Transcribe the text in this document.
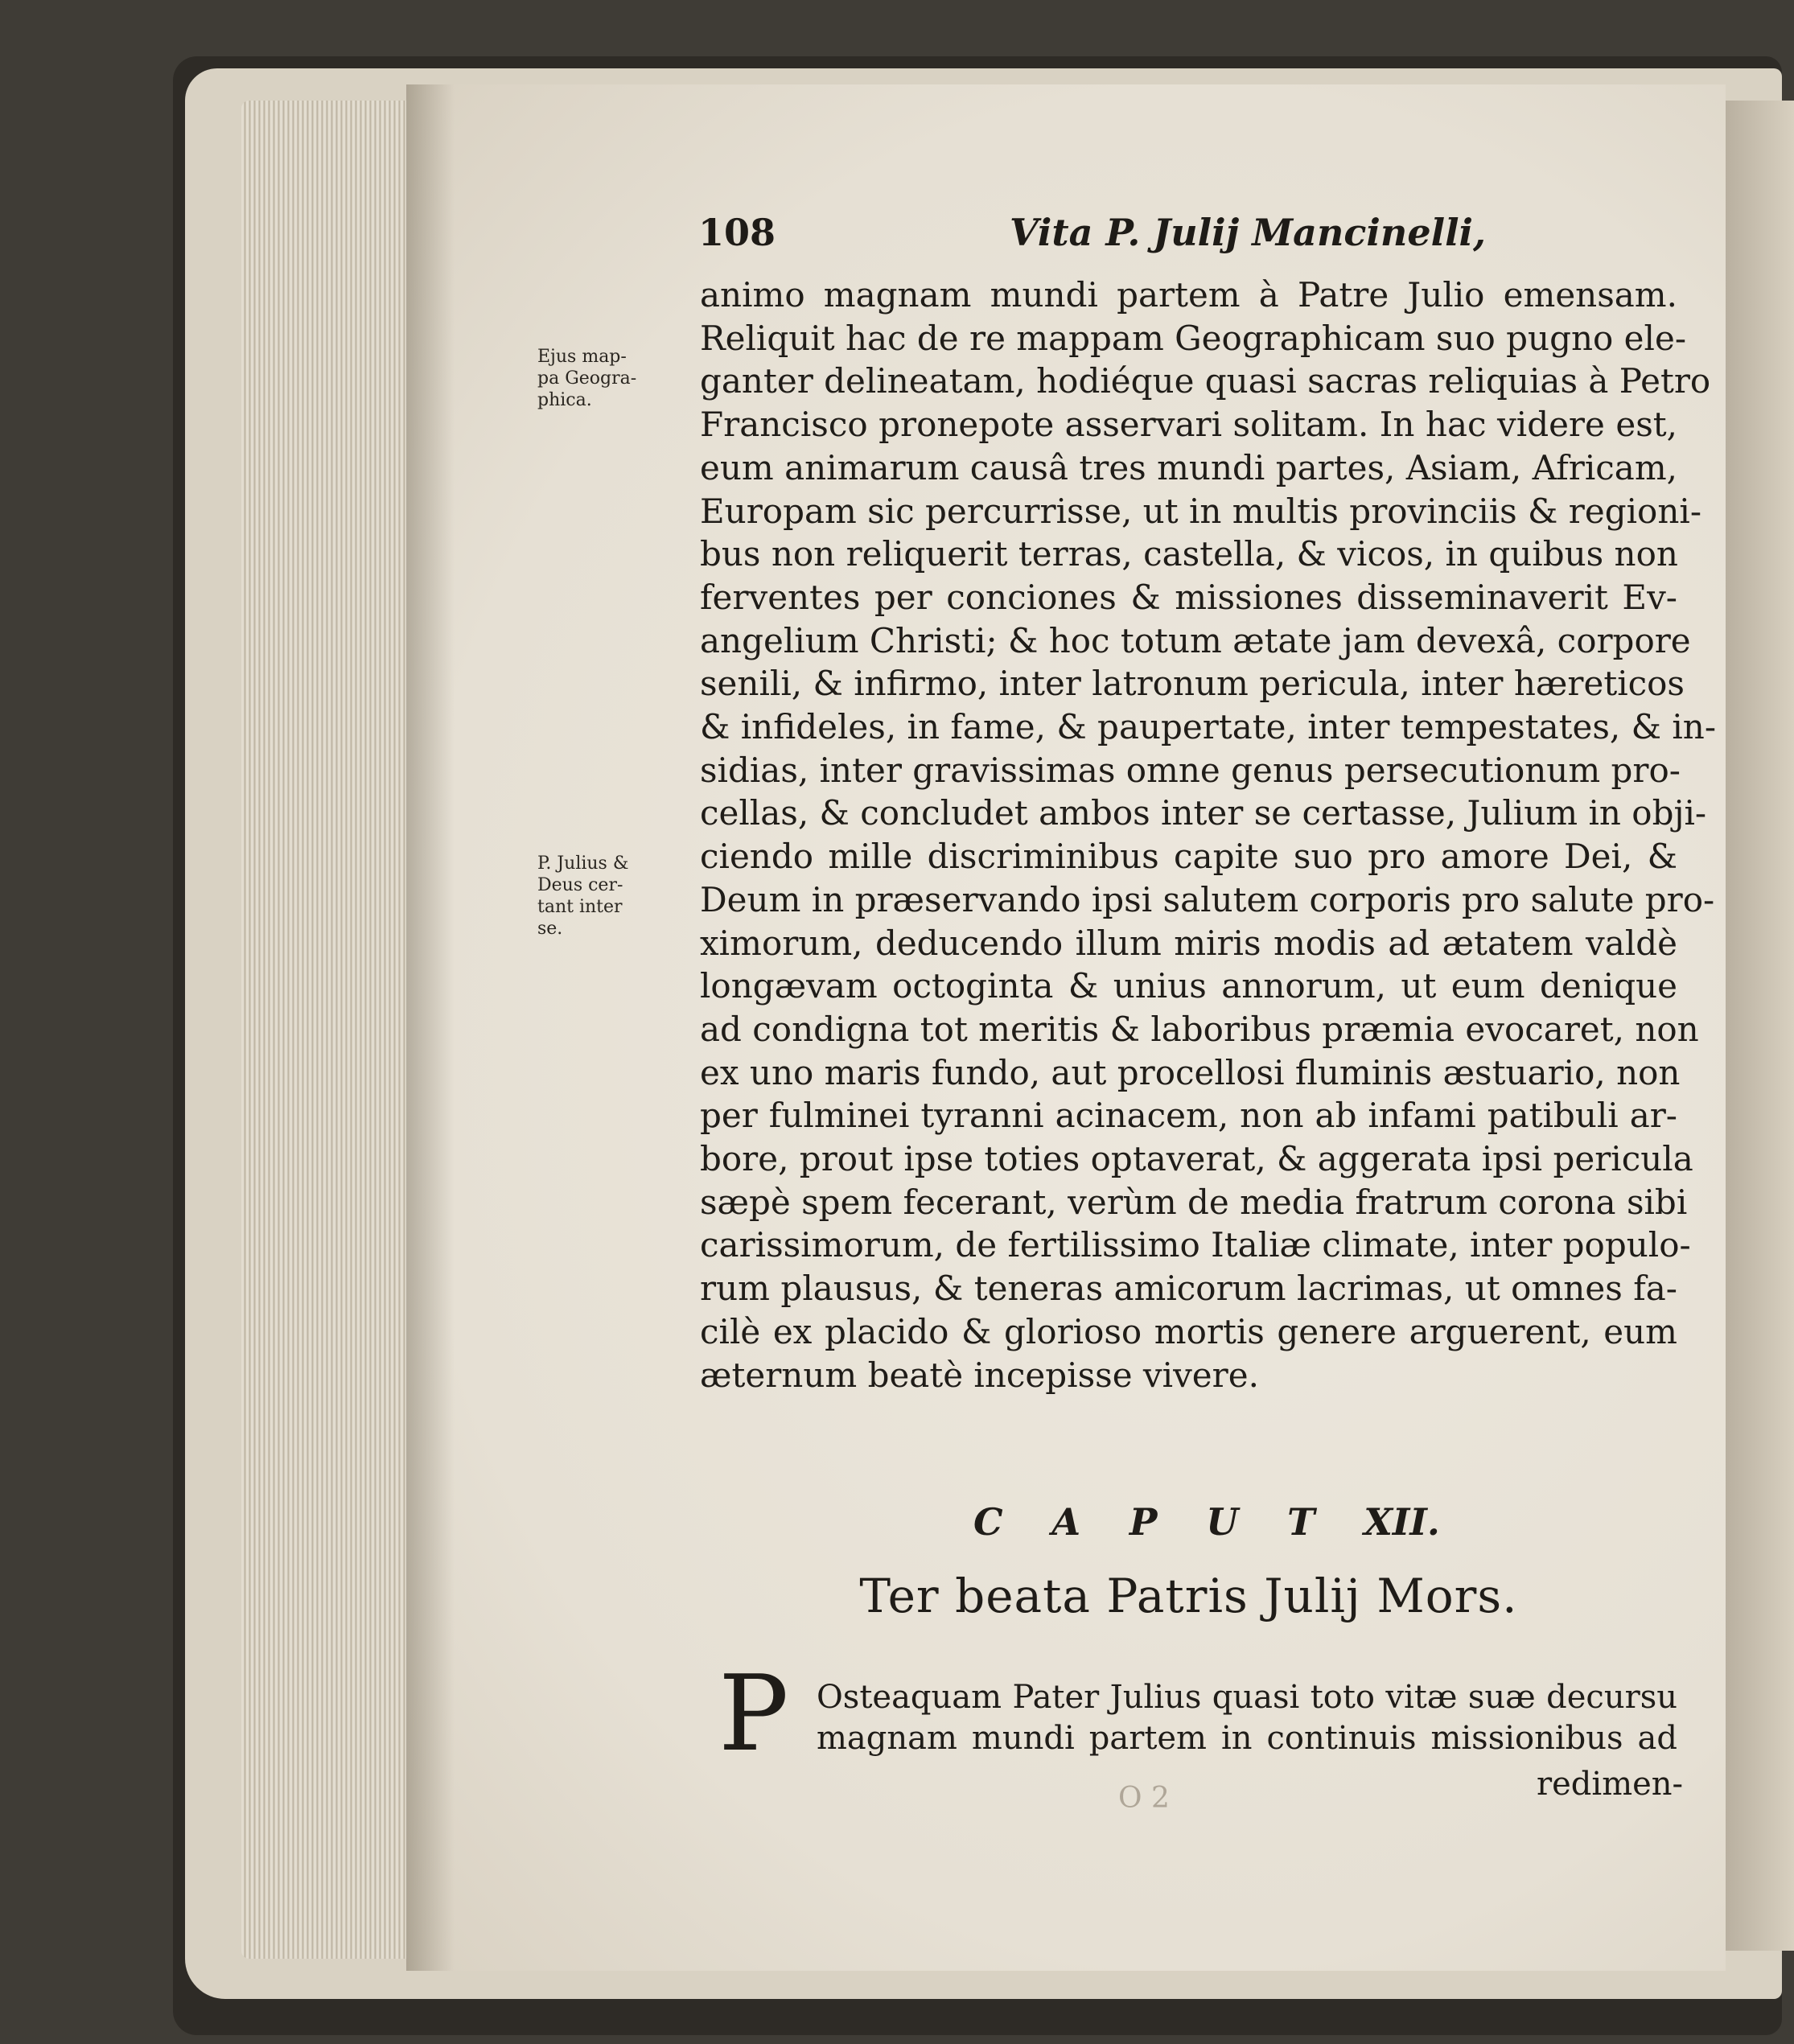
108	Vita P. Julij Mancinelli,
Ejus map-
pa Geogra-
phica.
P. Julius &
Deus cer-
tant inter
se.
animo magnam mundi partem à Patre Julio emensam.
Reliquit hac de re mappam Geographicam suo pugno ele-
ganter delineatam, hodiéque quasi sacras reliquias à Petro
Francisco pronepote asservari solitam. In hac videre est,
eum animarum causâ tres mundi partes, Asiam, Africam,
Europam sic percurrisse, ut in multis provinciis & regioni-
bus non reliquerit terras, castella, & vicos, in quibus non
ferventes per conciones & missiones disseminaverit Ev-
angelium Christi; & hoc totum ætate jam devexâ, corpore
senili, & infirmo, inter latronum pericula, inter hæreticos
& infideles, in fame, & paupertate, inter tempestates, & in-
sidias, inter gravissimas omne genus persecutionum pro-
cellas, & concludet ambos inter se certasse, Julium in obji-
ciendo mille discriminibus capite suo pro amore Dei, &
Deum in præservando ipsi salutem corporis pro salute pro-
ximorum, deducendo illum miris modis ad ætatem valdè
longævam octoginta & unius annorum, ut eum denique
ad condigna tot meritis & laboribus præmia evocaret, non
ex uno maris fundo, aut procellosi fluminis æstuario, non
per fulminei tyranni acinacem, non ab infami patibuli ar-
bore, prout ipse toties optaverat, & aggerata ipsi pericula
sæpè spem fecerant, verùm de media fratrum corona sibi
carissimorum, de fertilissimo Italiæ climate, inter populo-
rum plausus, & teneras amicorum lacrimas, ut omnes fa-
cilè ex placido & glorioso mortis genere arguerent, eum
æternum beatè incepisse vivere.
C A P U T XII.
Ter beata Patris Julij Mors.
P Osteaquam Pater Julius quasi toto vitæ suæ decursu
magnam mundi partem in continuis missionibus ad
redimen-
O 2
